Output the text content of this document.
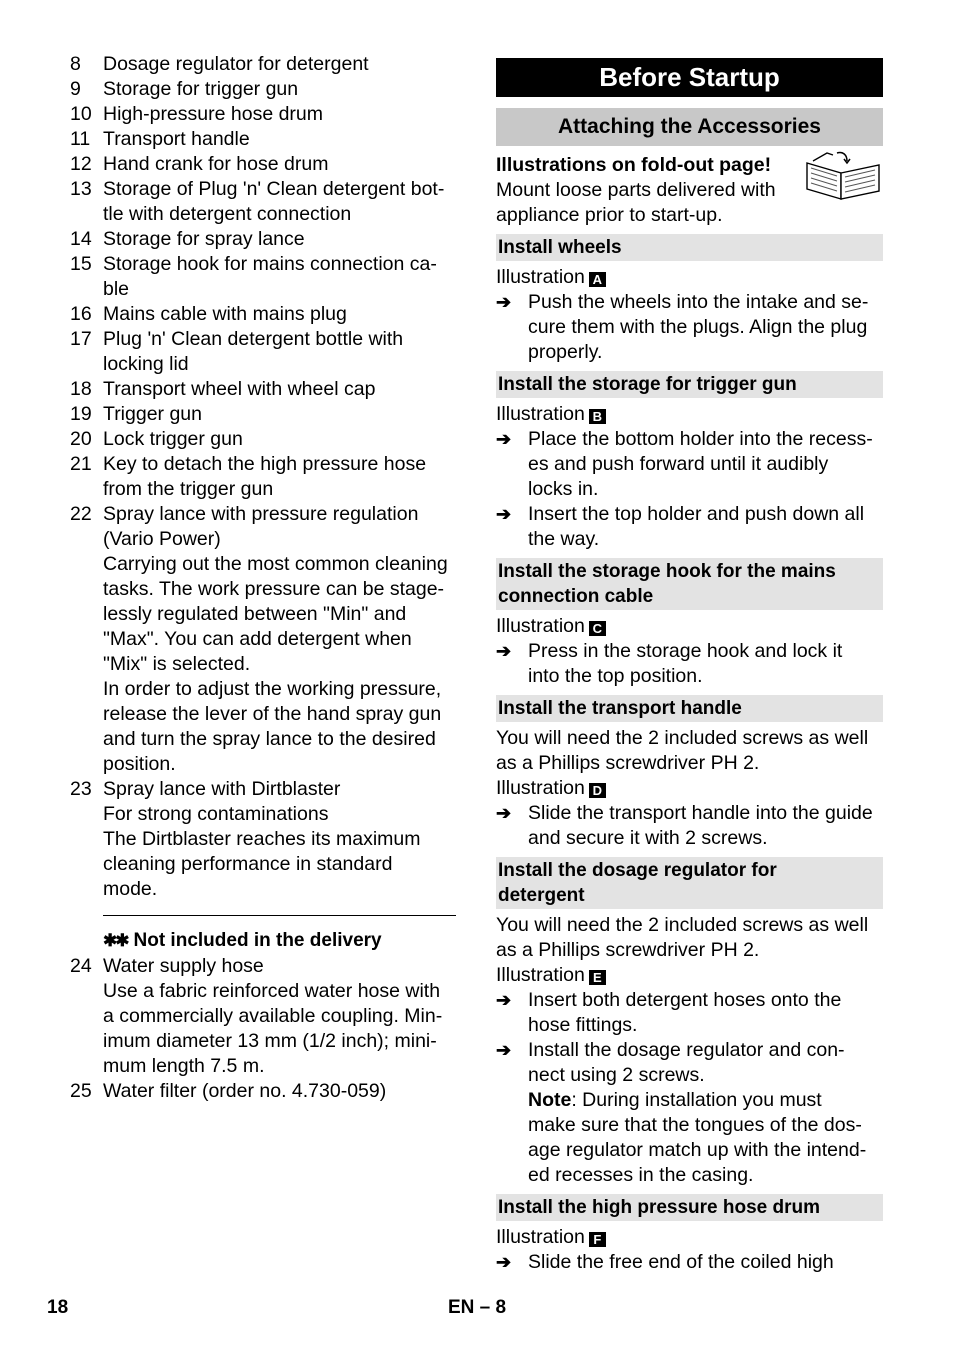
8	Dosage regulator for detergent
9	Storage for trigger gun
10 High-pressure hose drum
11 Transport handle
12 Hand crank for hose drum
13 Storage of Plug 'n' Clean detergent bot-
tle with detergent connection
14 Storage for spray lance
15 Storage hook for mains connection ca-
ble
16 Mains cable with mains plug
17 Plug 'n' Clean detergent bottle with
locking lid
18 Transport wheel with wheel cap
19 Trigger gun
20 Lock trigger gun
21 Key to detach the high pressure hose
from the trigger gun
22 Spray lance with pressure regulation
(Vario Power)
Carrying out the most common cleaning
tasks. The work pressure can be stage-
lessly regulated between "Min" and
"Max". You can add detergent when
"Mix" is selected.
In order to adjust the working pressure,
release the lever of the hand spray gun
and turn the spray lance to the desired
position.
23 Spray lance with Dirtblaster
For strong contaminations
The Dirtblaster reaches its maximum
cleaning performance in standard
mode.
✱✱ Not included in the delivery
24 Water supply hose
Use a fabric reinforced water hose with
a commercially available coupling. Min-
imum diameter 13 mm (1/2 inch); mini-
mum length 7.5 m.
25 Water filter (order no. 4.730-059)
Before Startup
Attaching the Accessories
Illustrations on fold-out page!
Mount loose parts delivered with
appliance prior to start-up.
Install wheels
Illustration A
➔ Push the wheels into the intake and se-
cure them with the plugs. Align the plug
properly.
Install the storage for trigger gun
Illustration B
➔ Place the bottom holder into the recess-
es and push forward until it audibly
locks in.
➔ Insert the top holder and push down all
the way.
Install the storage hook for the mains
connection cable
Illustration C
➔ Press in the storage hook and lock it
into the top position.
Install the transport handle
You will need the 2 included screws as well
as a Phillips screwdriver PH 2.
Illustration D
➔ Slide the transport handle into the guide
and secure it with 2 screws.
Install the dosage regulator for
detergent
You will need the 2 included screws as well
as a Phillips screwdriver PH 2.
Illustration E
➔ Insert both detergent hoses onto the
hose fittings.
➔ Install the dosage regulator and con-
nect using 2 screws.
Note: During installation you must
make sure that the tongues of the dos-
age regulator match up with the intend-
ed recesses in the casing.
Install the high pressure hose drum
Illustration F
➔ Slide the free end of the coiled high
18	EN – 8
